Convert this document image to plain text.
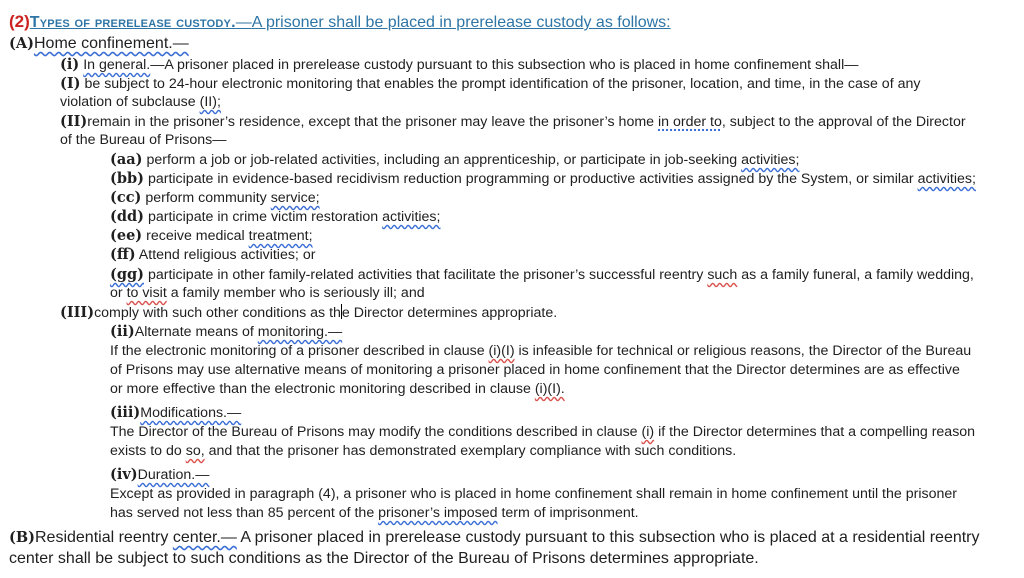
(2)Types of prerelease custody.—A prisoner shall be placed in prerelease custody as follows:
(A)Home confinement.—
(i) In general.—A prisoner placed in prerelease custody pursuant to this subsection who is placed in home confinement shall—
(I) be subject to 24-hour electronic monitoring that enables the prompt identification of the prisoner, location, and time, in the case of any
violation of subclause (II);
(II)remain in the prisoner’s residence, except that the prisoner may leave the prisoner’s home in order to, subject to the approval of the Director
of the Bureau of Prisons—
(aa) perform a job or job-related activities, including an apprenticeship, or participate in job-seeking activities;
(bb) participate in evidence-based recidivism reduction programming or productive activities assigned by the System, or similar activities;
(cc) perform community service;
(dd) participate in crime victim restoration activities;
(ee) receive medical treatment;
(ff) Attend religious activities; or
(gg) participate in other family-related activities that facilitate the prisoner’s successful reentry such as a family funeral, a family wedding,
or to visit a family member who is seriously ill; and
(III)comply with such other conditions as the Director determines appropriate.
(ii)Alternate means of monitoring.—
If the electronic monitoring of a prisoner described in clause (i)(I) is infeasible for technical or religious reasons, the Director of the Bureau
of Prisons may use alternative means of monitoring a prisoner placed in home confinement that the Director determines are as effective
or more effective than the electronic monitoring described in clause (i)(I).
(iii)Modifications.—
The Director of the Bureau of Prisons may modify the conditions described in clause (i) if the Director determines that a compelling reason
exists to do so, and that the prisoner has demonstrated exemplary compliance with such conditions.
(iv)Duration.—
Except as provided in paragraph (4), a prisoner who is placed in home confinement shall remain in home confinement until the prisoner
has served not less than 85 percent of the prisoner’s imposed term of imprisonment.
(B)Residential reentry center.— A prisoner placed in prerelease custody pursuant to this subsection who is placed at a residential reentry
center shall be subject to such conditions as the Director of the Bureau of Prisons determines appropriate.
